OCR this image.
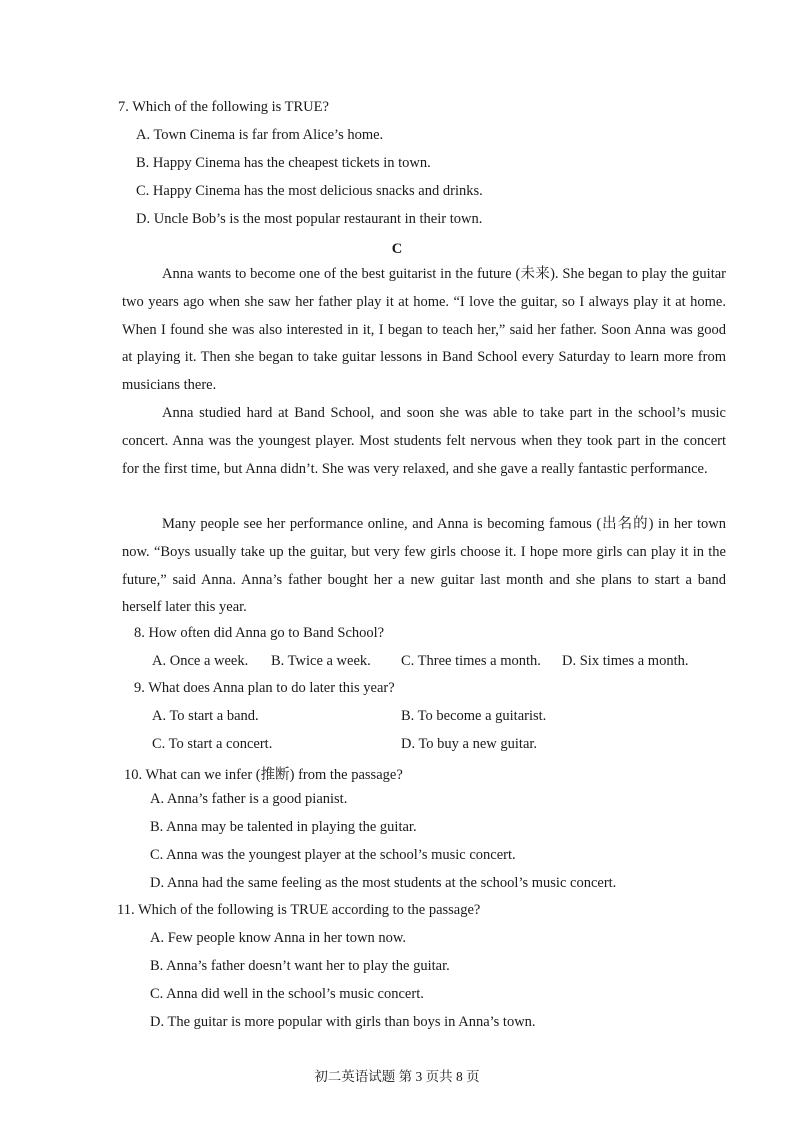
7. Which of the following is TRUE?
A. Town Cinema is far from Alice’s home.
B. Happy Cinema has the cheapest tickets in town.
C. Happy Cinema has the most delicious snacks and drinks.
D. Uncle Bob’s is the most popular restaurant in their town.
C

Anna wants to become one of the best guitarist in the future (未来). She began to play the guitar two years ago when she saw her father play it at home. “I love the guitar, so I always play it at home. When I found she was also interested in it, I began to teach her,” said her father. Soon Anna was good at playing it. Then she began to take guitar lessons in Band School every Saturday to learn more from musicians there.

Anna studied hard at Band School, and soon she was able to take part in the school’s music concert. Anna was the youngest player. Most students felt nervous when they took part in the concert for the first time, but Anna didn’t. She was very relaxed, and she gave a really fantastic performance.

Many people see her performance online, and Anna is becoming famous (出名的) in her town now. “Boys usually take up the guitar, but very few girls choose it. I hope more girls can play it in the future,” said Anna. Anna’s father bought her a new guitar last month and she plans to start a band herself later this year.

8. How often did Anna go to Band School?
A. Once a week. B. Twice a week. C. Three times a month. D. Six times a month.
9. What does Anna plan to do later this year?
A. To start a band.	B. To become a guitarist.
C. To start a concert.	D. To buy a new guitar.
10. What can we infer (推断) from the passage?
A. Anna’s father is a good pianist.
B. Anna may be talented in playing the guitar.
C. Anna was the youngest player at the school’s music concert.
D. Anna had the same feeling as the most students at the school’s music concert.
11. Which of the following is TRUE according to the passage?
A. Few people know Anna in her town now.
B. Anna’s father doesn’t want her to play the guitar.
C. Anna did well in the school’s music concert.
D. The guitar is more popular with girls than boys in Anna’s town.
初二英语试题 第 3 页共 8 页
